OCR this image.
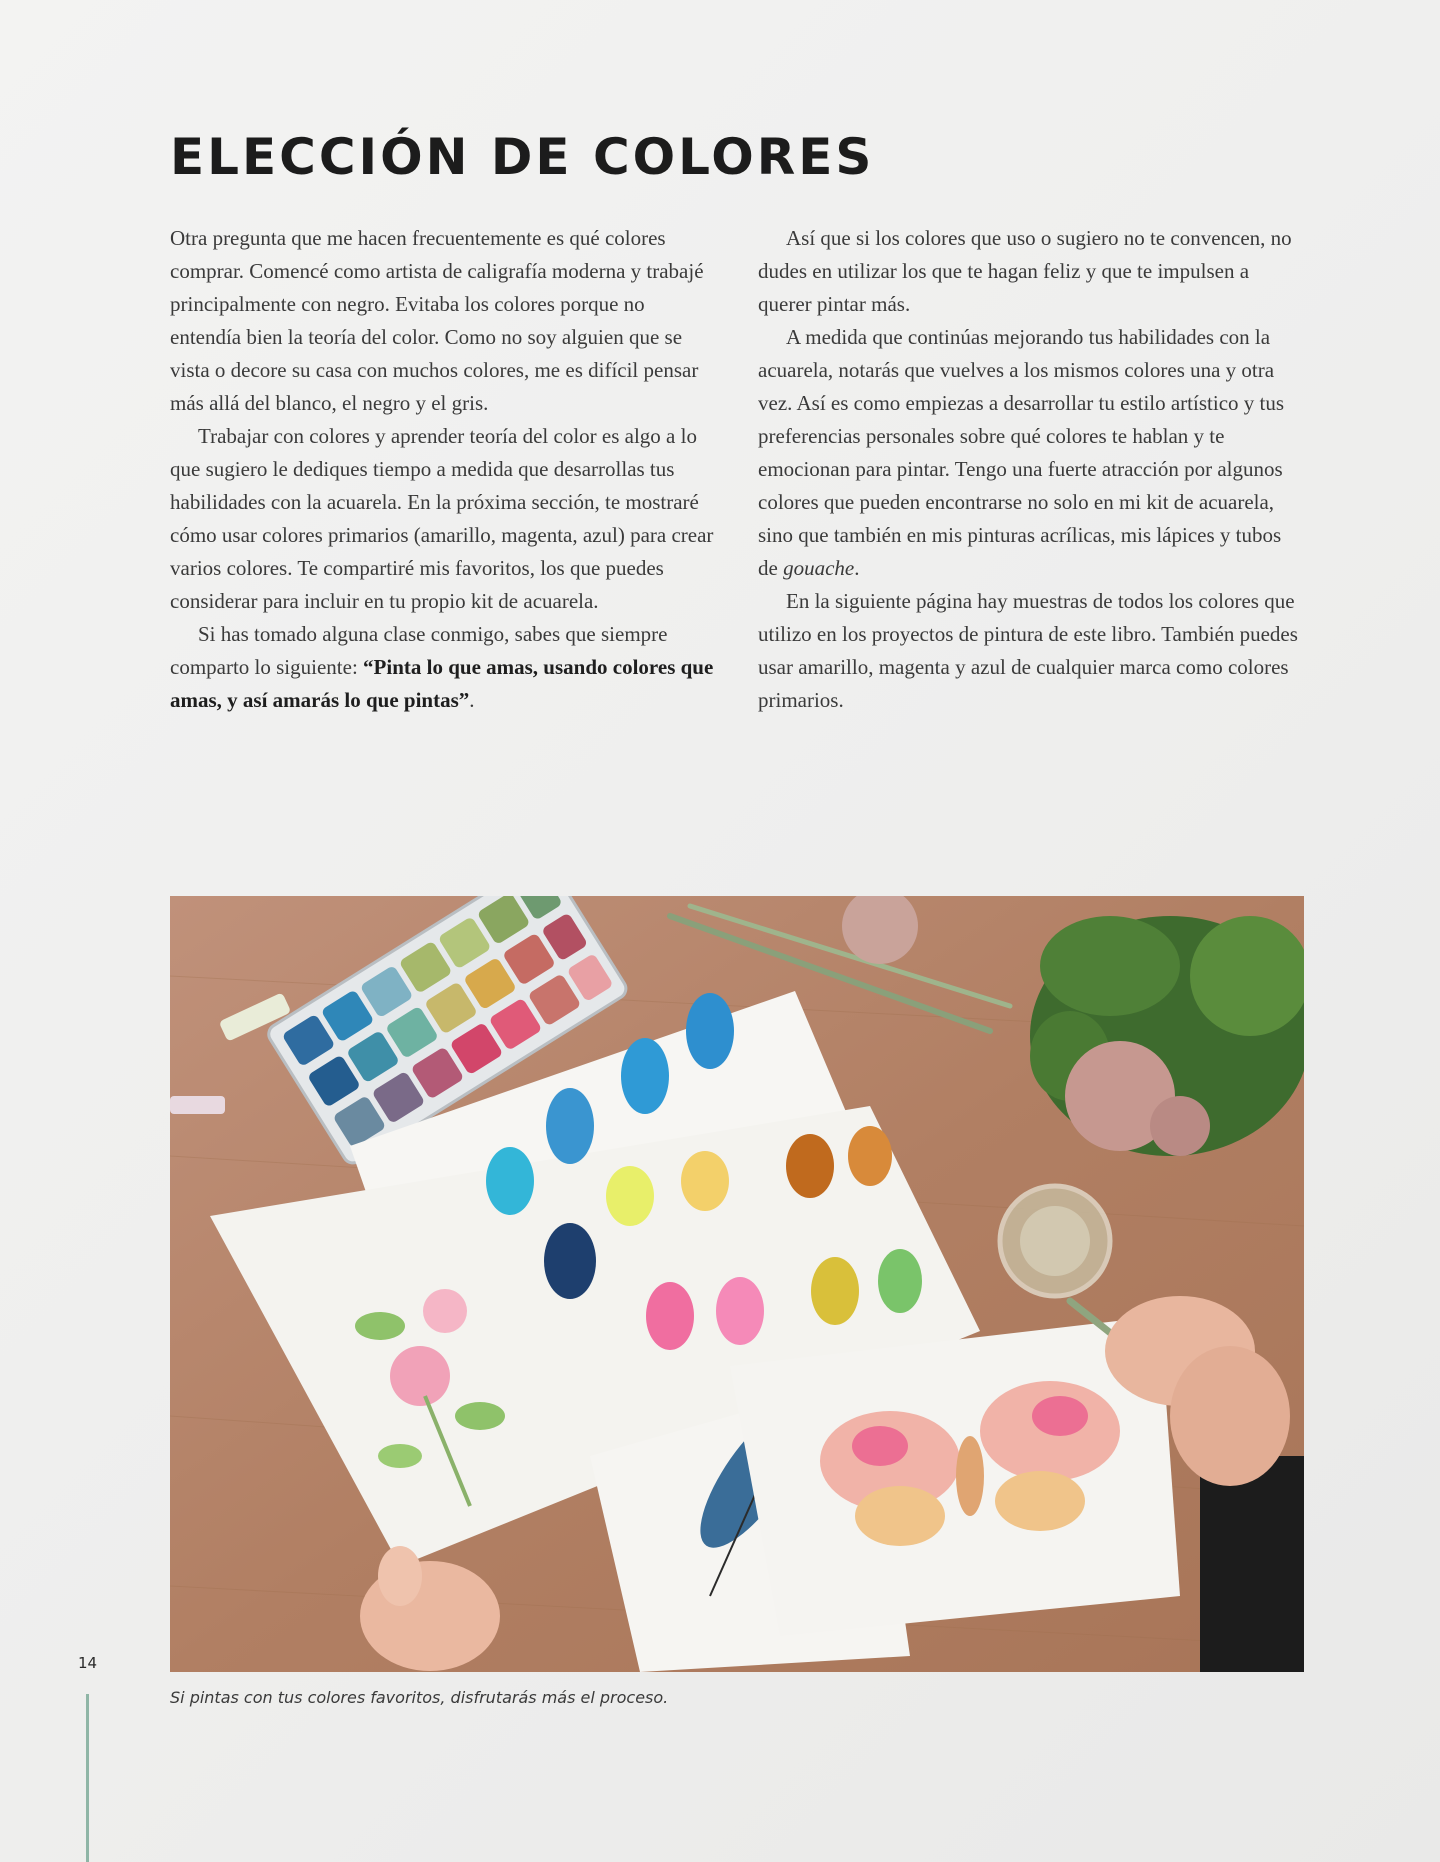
ELECCIÓN DE COLORES

Otra pregunta que me hacen frecuentemente es qué colores comprar. Comencé como artista de caligrafía moderna y trabajé principalmente con negro. Evitaba los colores porque no entendía bien la teoría del color. Como no soy alguien que se vista o decore su casa con muchos colores, me es difícil pensar más allá del blanco, el negro y el gris.

Trabajar con colores y aprender teoría del color es algo a lo que sugiero le dediques tiempo a medida que desarrollas tus habilidades con la acuarela. En la próxima sección, te mostraré cómo usar colores primarios (amarillo, magenta, azul) para crear varios colores. Te compartiré mis favoritos, los que puedes considerar para incluir en tu propio kit de acuarela.

Si has tomado alguna clase conmigo, sabes que siempre comparto lo siguiente: “Pinta lo que amas, usando colores que amas, y así amarás lo que pintas”.

Así que si los colores que uso o sugiero no te convencen, no dudes en utilizar los que te hagan feliz y que te impulsen a querer pintar más.

A medida que continúas mejorando tus habilidades con la acuarela, notarás que vuelves a los mismos colores una y otra vez. Así es como empiezas a desarrollar tu estilo artístico y tus preferencias personales sobre qué colores te hablan y te emocionan para pintar. Tengo una fuerte atracción por algunos colores que pueden encontrarse no solo en mi kit de acuarela, sino que también en mis pinturas acrílicas, mis lápices y tubos de gouache.

En la siguiente página hay muestras de todos los colores que utilizo en los proyectos de pintura de este libro. También puedes usar amarillo, magenta y azul de cualquier marca como colores primarios.

14
Si pintas con tus colores favoritos, disfrutarás más el proceso.
